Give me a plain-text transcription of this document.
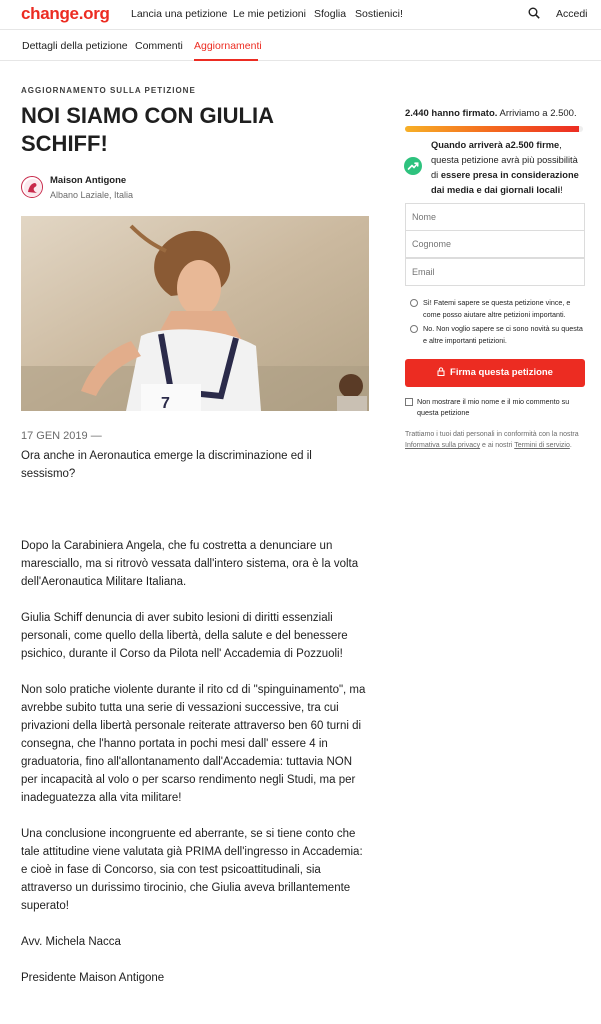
change.org Lancia una petizione Le mie petizioni Sfoglia Sostienici!	Accedi
Dettagli della petizione Commenti Aggiornamenti
AGGIORNAMENTO SULLA PETIZIONE
NOI SIAMO CON GIULIA SCHIFF!
Maison Antigone
Albano Laziale, Italia
7
17 GEN 2019 —
Ora anche in Aeronautica emerge la discriminazione ed il sessismo?

Dopo la Carabiniera Angela, che fu costretta a denunciare un maresciallo, ma si ritrovò vessata dall'intero sistema, ora è la volta dell'Aeronautica Militare Italiana.

Giulia Schiff denuncia di aver subito lesioni di diritti essenziali personali, come quello della libertà, della salute e del benessere psichico, durante il Corso da Pilota nell' Accademia di Pozzuoli!

Non solo pratiche violente durante il rito cd di "spinguinamento", ma avrebbe subito tutta una serie di vessazioni successive, tra cui privazioni della libertà personale reiterate attraverso ben 60 turni di consegna, che l'hanno portata in pochi mesi dall' essere 4 in graduatoria, fino all'allontanamento dall'Accademia: tuttavia NON per incapacità al volo o per scarso rendimento negli Studi, ma per inadeguatezza alla vita militare!

Una conclusione incongruente ed aberrante, se si tiene conto che tale attitudine viene valutata già PRIMA dell'ingresso in Accademia: e cioè in fase di Concorso, sia con test psicoattitudinali, sia attraverso un durissimo tirocinio, che Giulia aveva brillantemente superato!

Avv. Michela Nacca

Presidente Maison Antigone

2.440 hanno firmato. Arriviamo a 2.500.
Quando arriverà a2.500 firme, questa petizione avrà più possibilità di essere presa in considerazione dai media e dai giornali locali!
Nome
Cognome
Email
Sì! Fatemi sapere se questa petizione vince, e come posso aiutare altre petizioni importanti.
No. Non voglio sapere se ci sono novità su questa e altre importanti petizioni.
Firma questa petizione
Non mostrare il mio nome e il mio commento su questa petizione
Trattiamo i tuoi dati personali in conformità con la nostra Informativa sulla privacy e ai nostri Termini di servizio.
